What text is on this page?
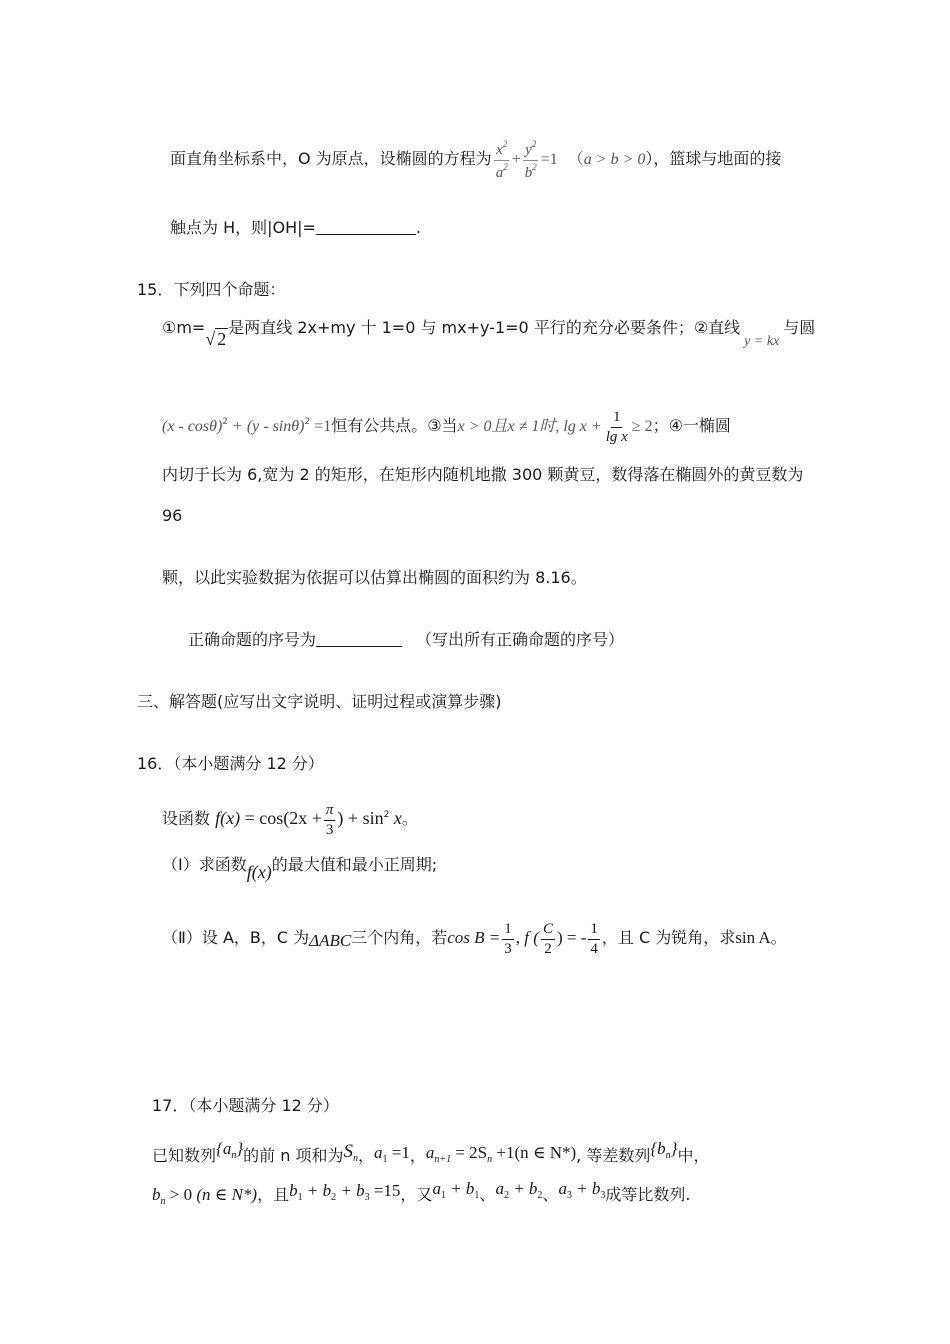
面直角坐标系中，O 为原点，设椭圆的方程为 $\frac{x^2}{a^2} + \frac{y^2}{b^2} =1$ （a > b > 0），篮球与地面的接
触点为 H，则|OH|=	.
15．下列四个命题：
①m=√ 2是两直线 2x+my 十 1=0 与 mx+y-1=0 平行的充分必要条件；②直线y = kx与圆
(x - cosθ)$^2$ + (y - sinθ)$^2$ =1恒有公共点。③当x > 0且x ≠ 1时, $\lg x + \frac{1}{\text{lg x}} \ge 2$；④一椭圆
内切于长为 6,宽为 2 的矩形，在矩形内随机地撒 300 颗黄豆，数得落在椭圆外的黄豆数为
96
颗，以此实验数据为依据可以估算出椭圆的面积约为 8.16。
正确命题的序号为	（写出所有正确命题的序号）
三、解答题(应写出文字说明、证明过程或演算步骤)
16．（本小题满分 12 分）
设函数 $f(x) = \cos(2x + \frac{\pi}{3}$ ) + $\sin^2 x$。
（Ⅰ）求函数f(x)的最大值和最小正周期;
（Ⅱ）设 A，B，C 为ΔABC三个内角，若$\cos B = \frac{1}{3}$ , f ( $\frac{C}{2}$ ) = - $\frac{1}{4}$ ，且 C 为锐角，求sin A。
17．（本小题满分 12 分）
已知数列$\{a_n\}$的前 n 项和为$S_n$，$a_1 =1$，$a_{n+1} = 2S_n +1(n$ ∈ N*), 等差数列$\{b_n\}$中，
$b_n > 0$ (n ∈ N*)，且$b_1 + b_2 + b_3 =15$，又$a_1 + b_1$、$a_2 + b_2$、$a_3 + b_3$成等比数列.
